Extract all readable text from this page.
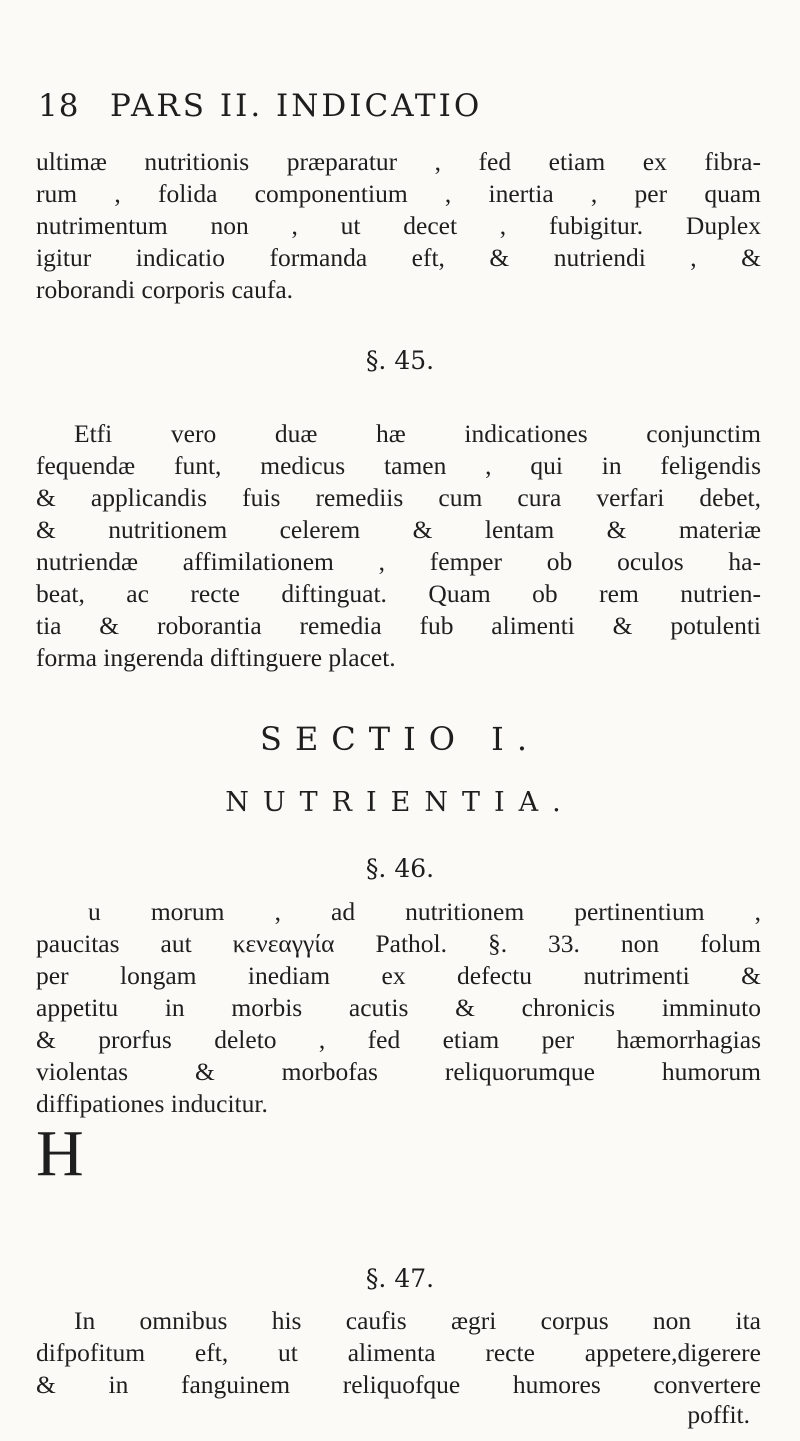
18 PARS II. INDICATIO
ultimæ nutritionis præparatur , fed etiam ex fibra-
rum , folida componentium , inertia , per quam
nutrimentum non , ut decet , fubigitur. Duplex
igitur indicatio formanda eft, & nutriendi , &
roborandi corporis caufa.
§. 45.
Etfi vero duæ hæ indicationes conjunctim
fequendæ funt, medicus tamen , qui in feligendis
& applicandis fuis remediis cum cura verfari debet,
& nutritionem celerem & lentam & materiæ
nutriendæ affimilationem , femper ob oculos ha-
beat, ac recte diftinguat. Quam ob rem nutrien-
tia & roborantia remedia fub alimenti & potulenti
forma ingerenda diftinguere placet.
SECTIO I.
NUTRIENTIA.
§. 46.
H
u morum , ad nutritionem pertinentium ,
paucitas aut κενεαγγία Pathol. §. 33. non folum
per longam inediam ex defectu nutrimenti &
appetitu in morbis acutis & chronicis imminuto
& prorfus deleto , fed etiam per hæmorrhagias
violentas & morbofas reliquorumque humorum
diffipationes inducitur.
§. 47.
In omnibus his caufis ægri corpus non ita
difpofitum eft, ut alimenta recte appetere,digerere
& in fanguinem reliquofque humores convertere
poffit.
